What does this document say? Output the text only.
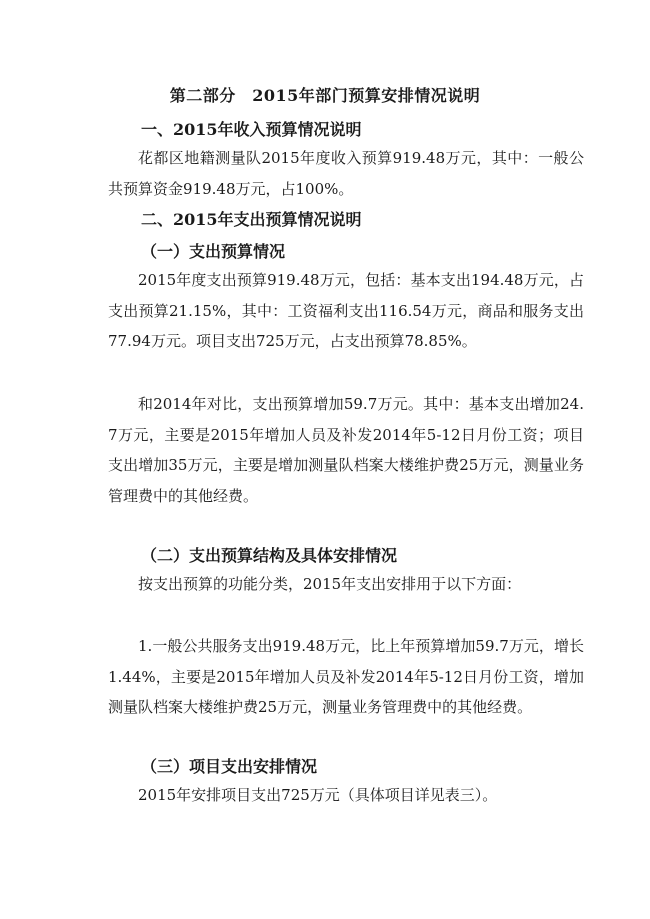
第二部分　2015年部门预算安排情况说明
一、2015年收入预算情况说明
花都区地籍测量队2015年度收入预算919.48万元，其中：一般公共预算资金919.48万元，占100%。
二、2015年支出预算情况说明
（一）支出预算情况
2015年度支出预算919.48万元，包括：基本支出194.48万元，占支出预算21.15%，其中：工资福利支出116.54万元，商品和服务支出77.94万元。项目支出725万元，占支出预算78.85%。
和2014年对比，支出预算增加59.7万元。其中：基本支出增加24.7万元，主要是2015年增加人员及补发2014年5-12日月份工资；项目支出增加35万元，主要是增加测量队档案大楼维护费25万元，测量业务管理费中的其他经费。
（二）支出预算结构及具体安排情况
按支出预算的功能分类，2015年支出安排用于以下方面：
1.一般公共服务支出919.48万元，比上年预算增加59.7万元，增长1.44%，主要是2015年增加人员及补发2014年5-12日月份工资，增加测量队档案大楼维护费25万元，测量业务管理费中的其他经费。
（三）项目支出安排情况
2015年安排项目支出725万元（具体项目详见表三）。
